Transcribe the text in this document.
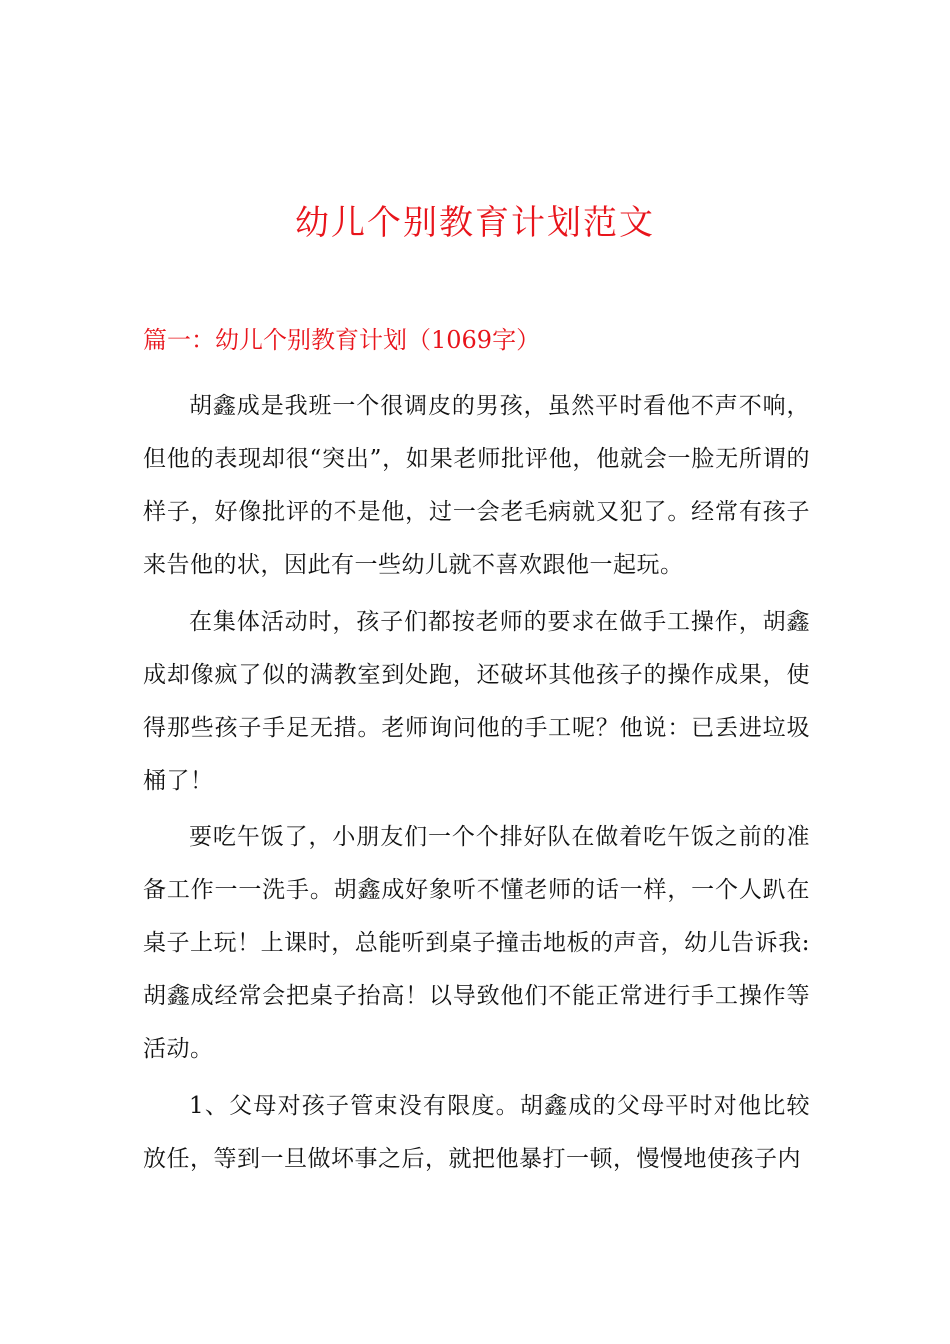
幼儿个别教育计划范文
篇一：幼儿个别教育计划（1069字）

胡鑫成是我班一个很调皮的男孩，虽然平时看他不声不响，但他的表现却很“突出”，如果老师批评他，他就会一脸无所谓的样子，好像批评的不是他，过一会老毛病就又犯了。经常有孩子来告他的状，因此有一些幼儿就不喜欢跟他一起玩。

在集体活动时，孩子们都按老师的要求在做手工操作，胡鑫成却像疯了似的满教室到处跑，还破坏其他孩子的操作成果，使得那些孩子手足无措。老师询问他的手工呢？他说：已丢进垃圾桶了！

要吃午饭了，小朋友们一个个排好队在做着吃午饭之前的准备工作一一洗手。胡鑫成好象听不懂老师的话一样，一个人趴在桌子上玩！上课时，总能听到桌子撞击地板的声音，幼儿告诉我:胡鑫成经常会把桌子抬高！以导致他们不能正常进行手工操作等活动。

1、父母对孩子管束没有限度。胡鑫成的父母平时对他比较放任，等到一旦做坏事之后，就把他暴打一顿，慢慢地使孩子内
